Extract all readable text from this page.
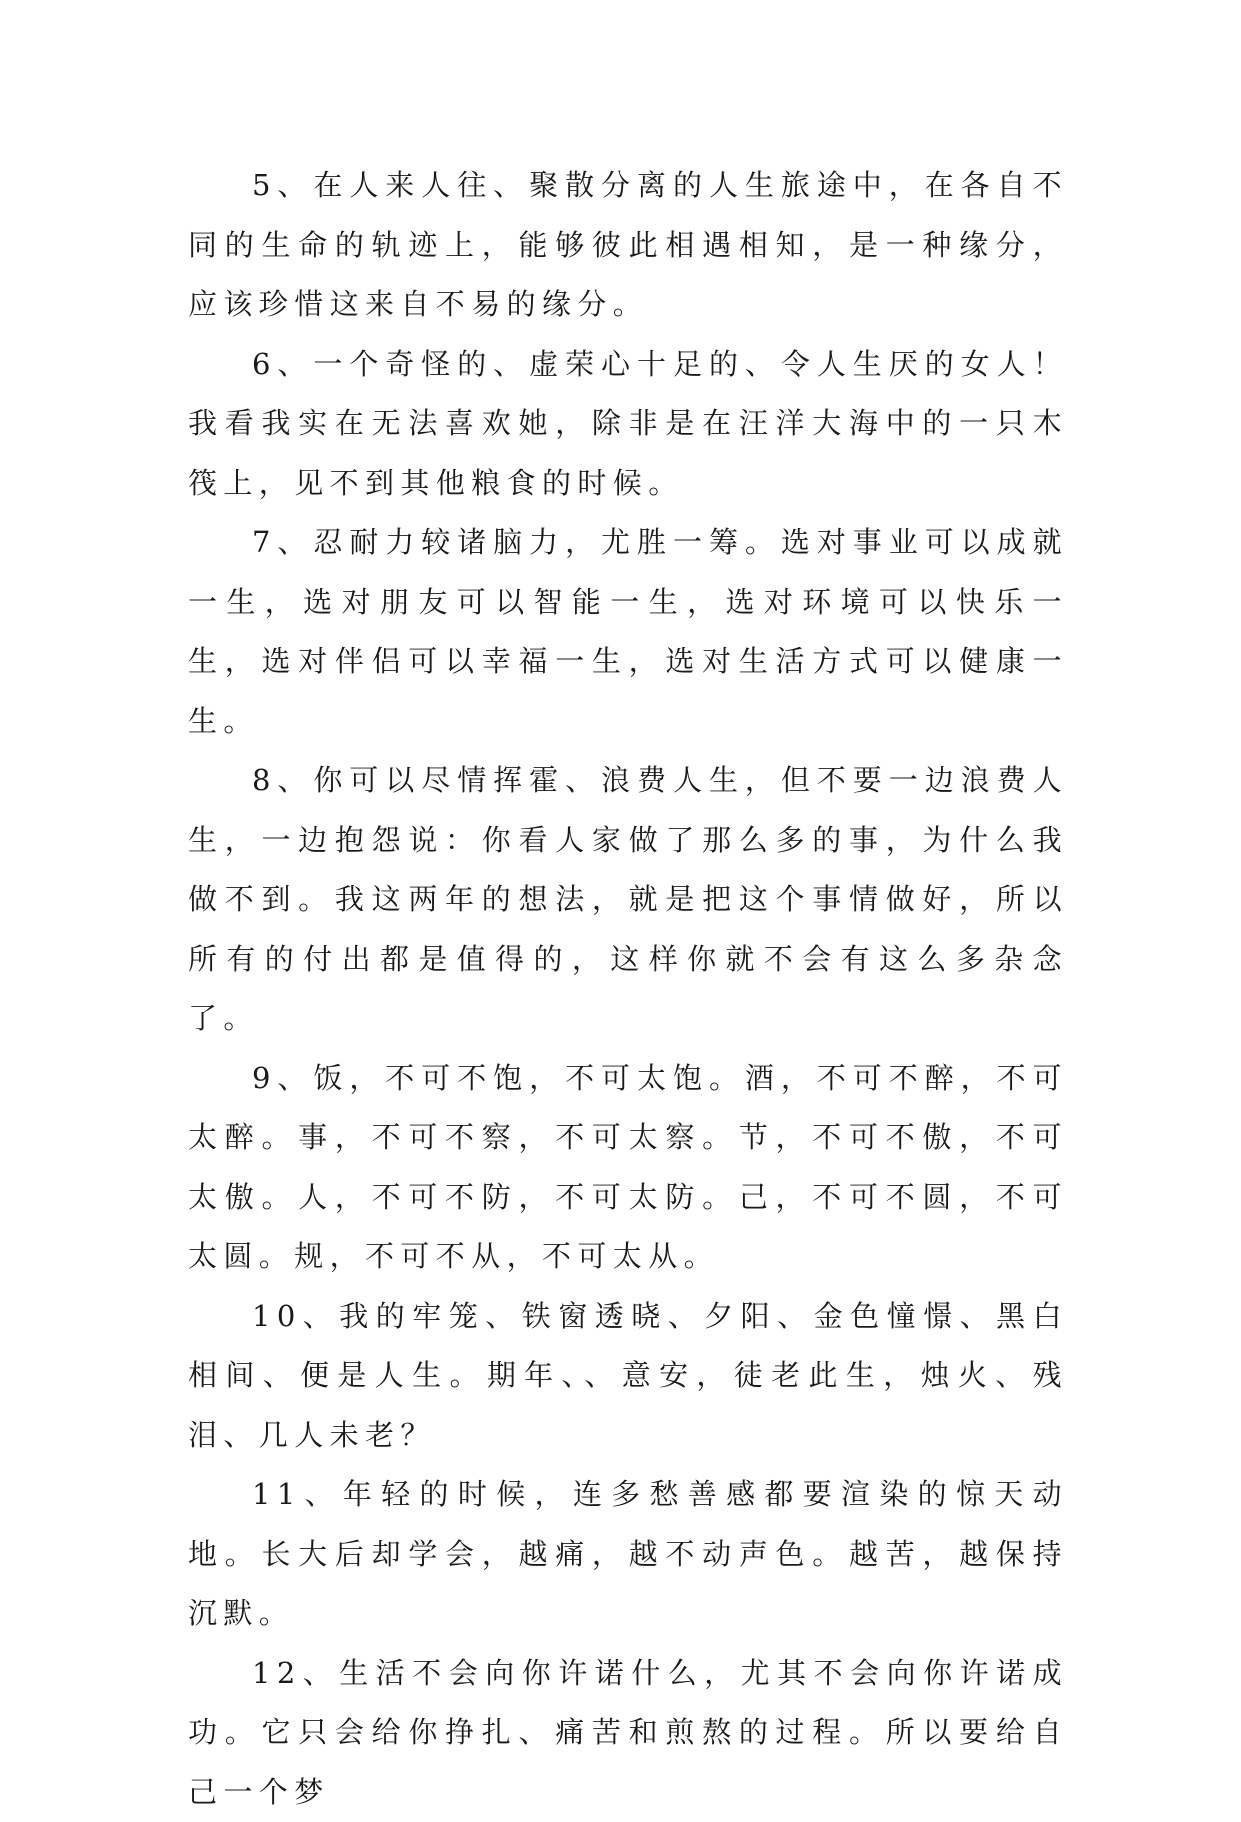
5、在人来人往、聚散分离的人生旅途中，在各自不同的生命的轨迹上，能够彼此相遇相知，是一种缘分，应该珍惜这来自不易的缘分。

6、一个奇怪的、虚荣心十足的、令人生厌的女人！我看我实在无法喜欢她，除非是在汪洋大海中的一只木筏上，见不到其他粮食的时候。

7、忍耐力较诸脑力，尤胜一筹。选对事业可以成就一生，选对朋友可以智能一生，选对环境可以快乐一生，选对伴侣可以幸福一生，选对生活方式可以健康一生。

8、你可以尽情挥霍、浪费人生，但不要一边浪费人生，一边抱怨说：你看人家做了那么多的事，为什么我做不到。我这两年的想法，就是把这个事情做好，所以所有的付出都是值得的，这样你就不会有这么多杂念了。

9、饭，不可不饱，不可太饱。酒，不可不醉，不可太醉。事，不可不察，不可太察。节，不可不傲，不可太傲。人，不可不防，不可太防。己，不可不圆，不可太圆。规，不可不从，不可太从。

10、我的牢笼、铁窗透晓、夕阳、金色憧憬、黑白相间、便是人生。期年、、意安，徒老此生，烛火、残泪、几人未老？

11、年轻的时候，连多愁善感都要渲染的惊天动地。长大后却学会，越痛，越不动声色。越苦，越保持沉默。

12、生活不会向你许诺什么，尤其不会向你许诺成功。它只会给你挣扎、痛苦和煎熬的过程。所以要给自己一个梦
